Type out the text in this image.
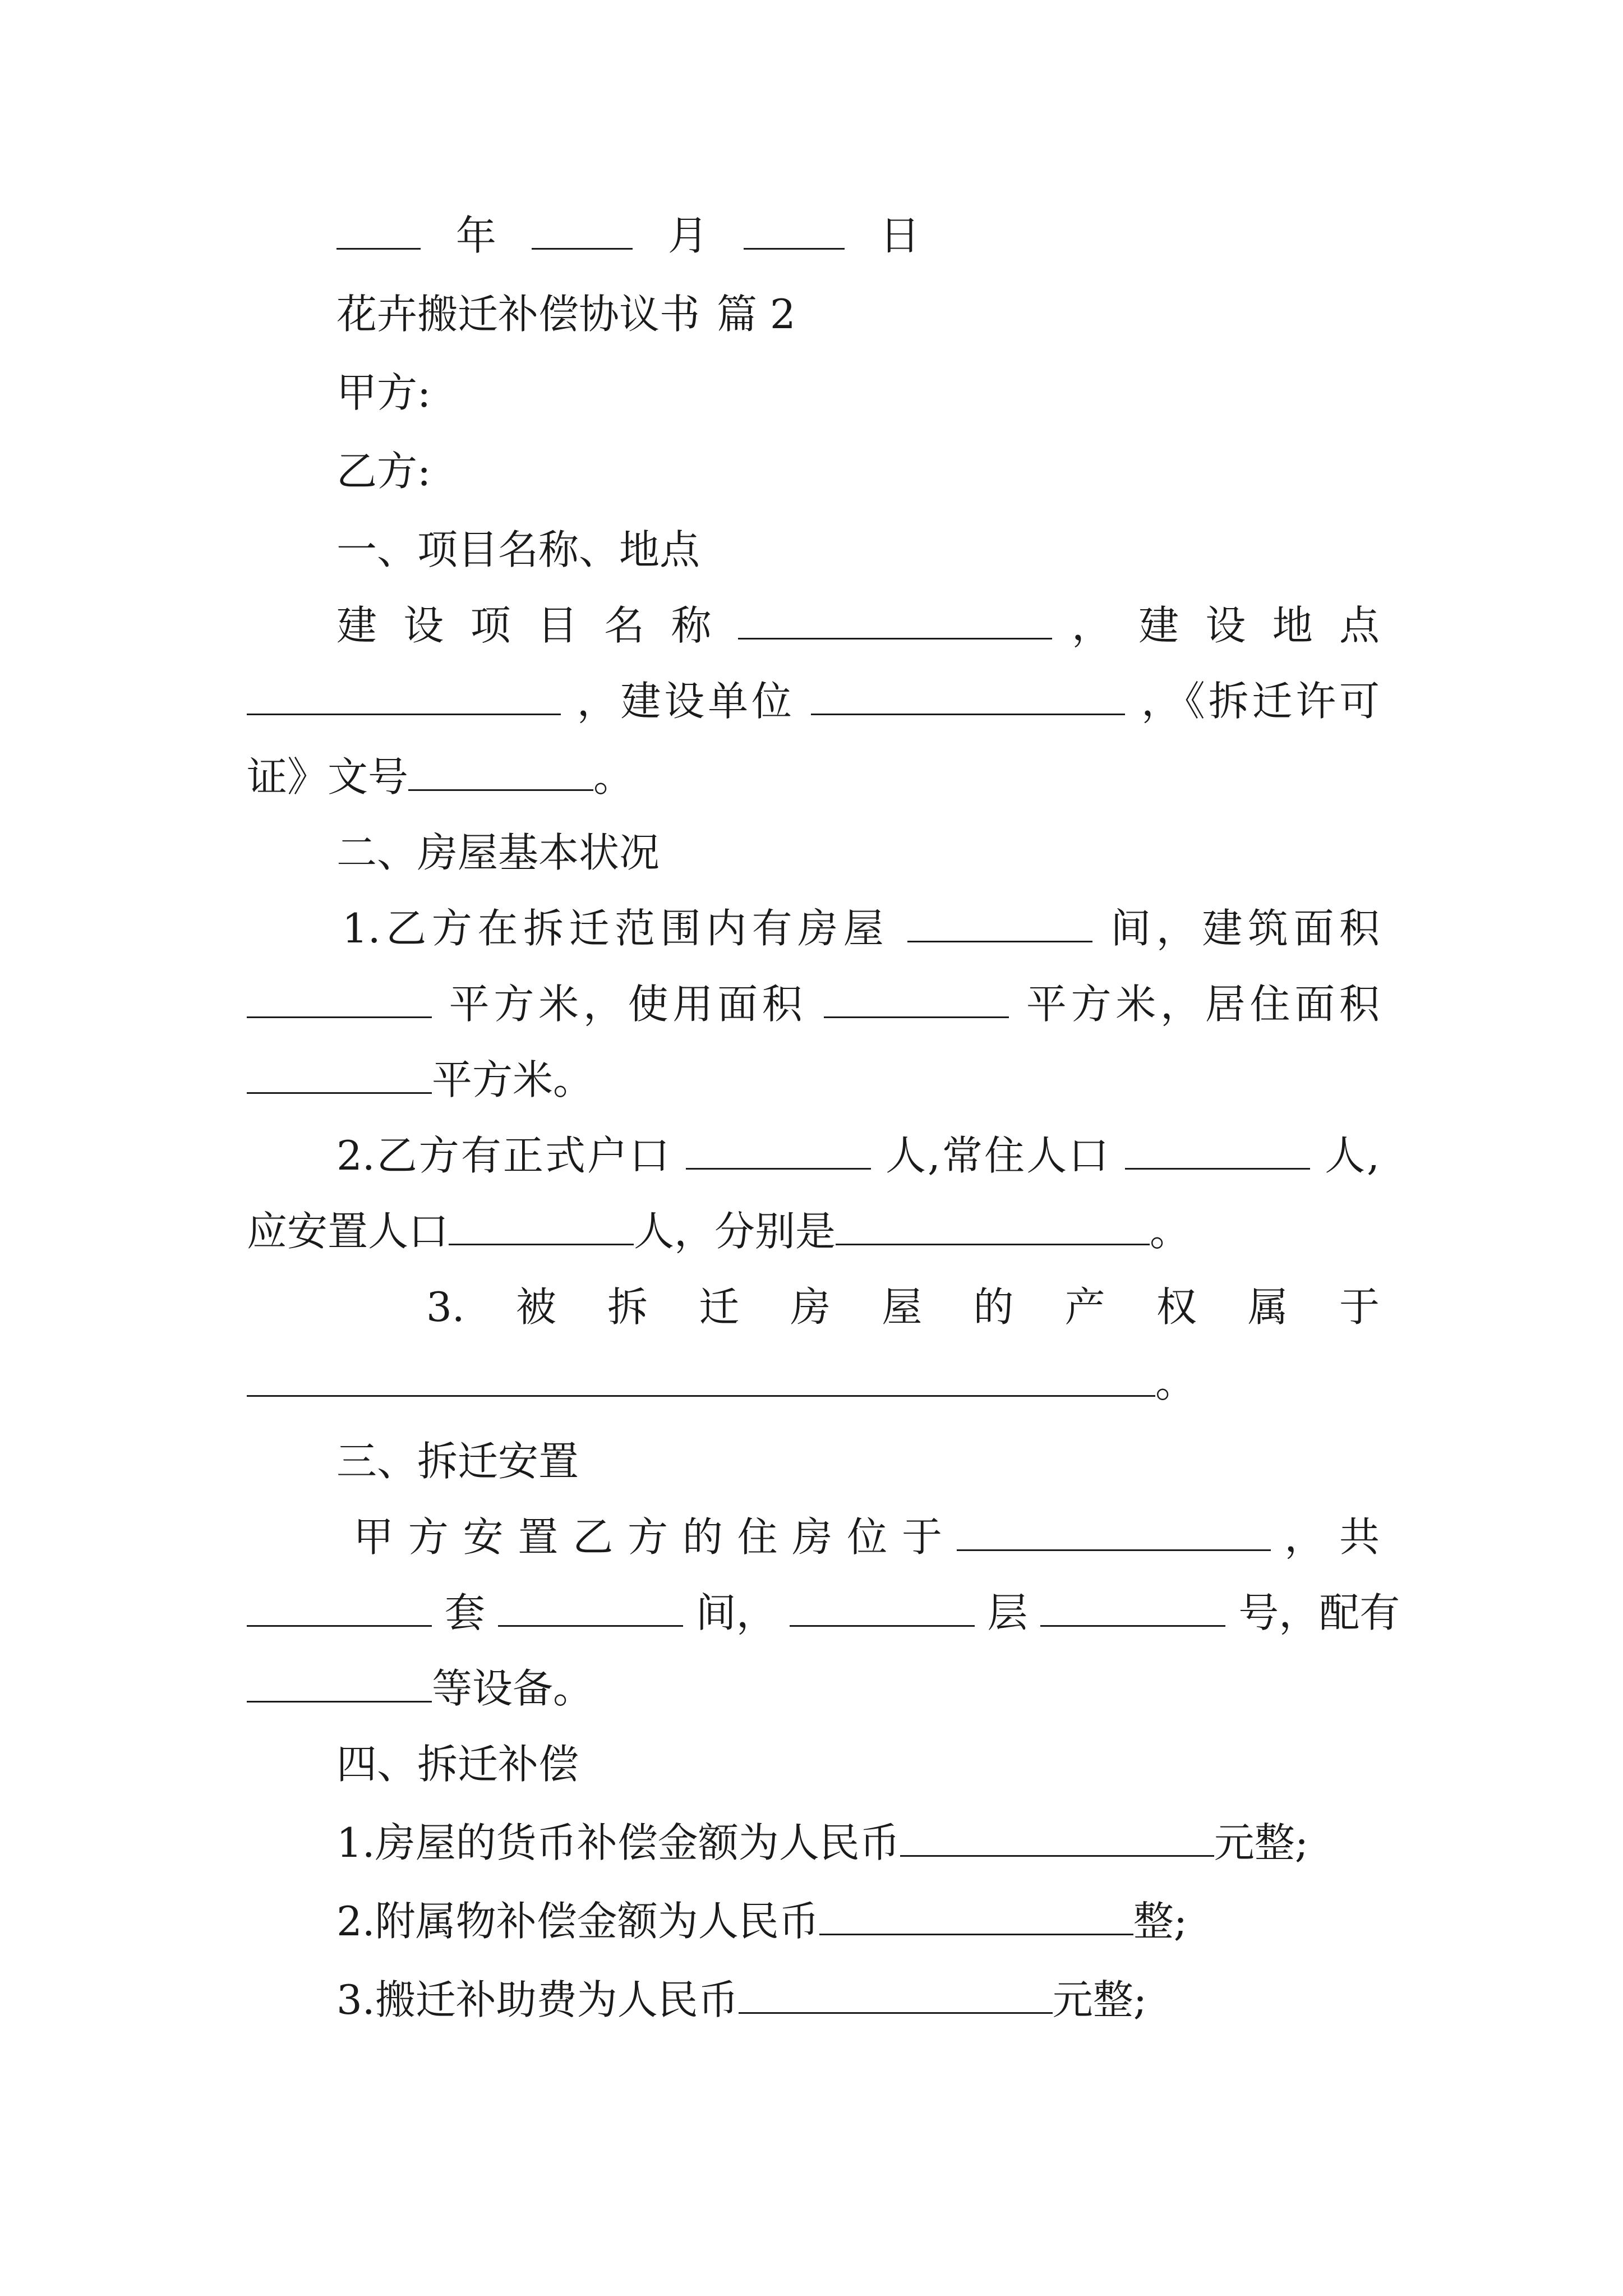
年	月	日
花卉搬迁补偿协议书 篇 2
甲方:
乙方:
一、项目名称、地点
建 设 项 目 名 称	， 建 设 地 点
，建设单位	，《拆迁许可
证》文号	。
二、房屋基本状况
1.乙方在拆迁范围内有房屋	间，建筑面积
平方米，使用面积	平方米，居住面积
平方米。
2.乙方有正式户口	人,常住人口	人,
应安置人口	人，分别是	。
3.　被　拆　迁　房　屋　的　产　权　属　于
。
三、拆迁安置
甲 方 安 置 乙 方 的 住 房 位 于	， 共
套	间，	层	号，配有
等设备。
四、拆迁补偿
1.房屋的货币补偿金额为人民币	元整;
2.附属物补偿金额为人民币	整;
3.搬迁补助费为人民币	元整;
